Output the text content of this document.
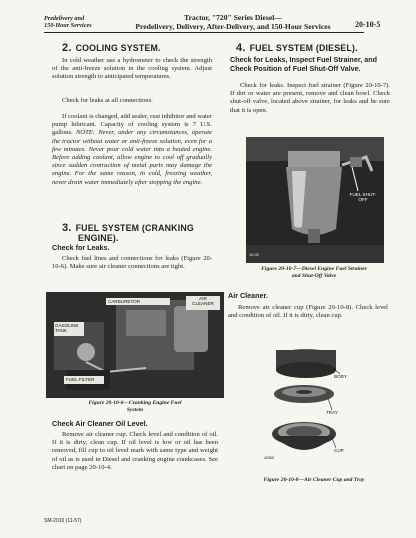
Predelivery and
150-Hour Services
Tractor, "720" Series Diesel—
Predelivery, Delivery, After-Delivery, and 150-Hour Services	20-10-5
2. COOLING SYSTEM.
In cold weather use a hydrometer to check the strength of the anti-freeze solution in the cooling system. Adjust solution strength to anticipated temperatures.
Check for leaks at all connections.
If coolant is changed, add sealer, rust inhibitor and water pump lubricant. Capacity of cooling system is 7 U.S. gallons. NOTE: Never, under any circumstances, operate the tractor without water or anti-freeze solution, even for a few minutes. Never pour cold water into a heated engine. Before adding coolant, allow engine to cool off gradually since sudden contraction of metal parts may damage the engine. For the same reason, in cold, freezing weather, never drain water immediately after stopping the engine.
3. FUEL SYSTEM (CRANKING
ENGINE).
Check for Leaks.
Check fuel lines and connections for leaks (Figure 20-10-6). Make sure air cleaner connections are tight.
CARBURETOR
AIR CLEANER
GASOLINE TANK
FUEL FILTER
Figure 20-10-6—Cranking Engine Fuel
System
Check Air Cleaner Oil Level.
Remove air cleaner cup. Check level and condition of oil. If it is dirty, clean cup. If oil level is low or oil has been removed, fill cup to oil level mark with same type and weight of oil as is used in Diesel and cranking engine crankcases. See chart on page 20-10-4.
SM-2010 (11-57)
4. FUEL SYSTEM (DIESEL).
Check for Leaks, Inspect Fuel Strainer, and Check Position of Fuel Shut-Off Valve.
Check for leaks. Inspect fuel strainer (Figure 20-10-7). If dirt or water are present, remove and clean bowl. Check shut-off valve, located above strainer, for leaks and be sure that it is open.
FUEL SHUT-OFF
36136
Figure 20-10-7—Diesel Engine Fuel Strainer
and Shut-Off Valve
Air Cleaner.
Remove air cleaner cup (Figure 20-10-8). Check level and condition of oil. If it is dirty, clean cup.
BODY
TRAY
CUP
42960
Figure 20-10-8—Air Cleaner Cup and Tray
